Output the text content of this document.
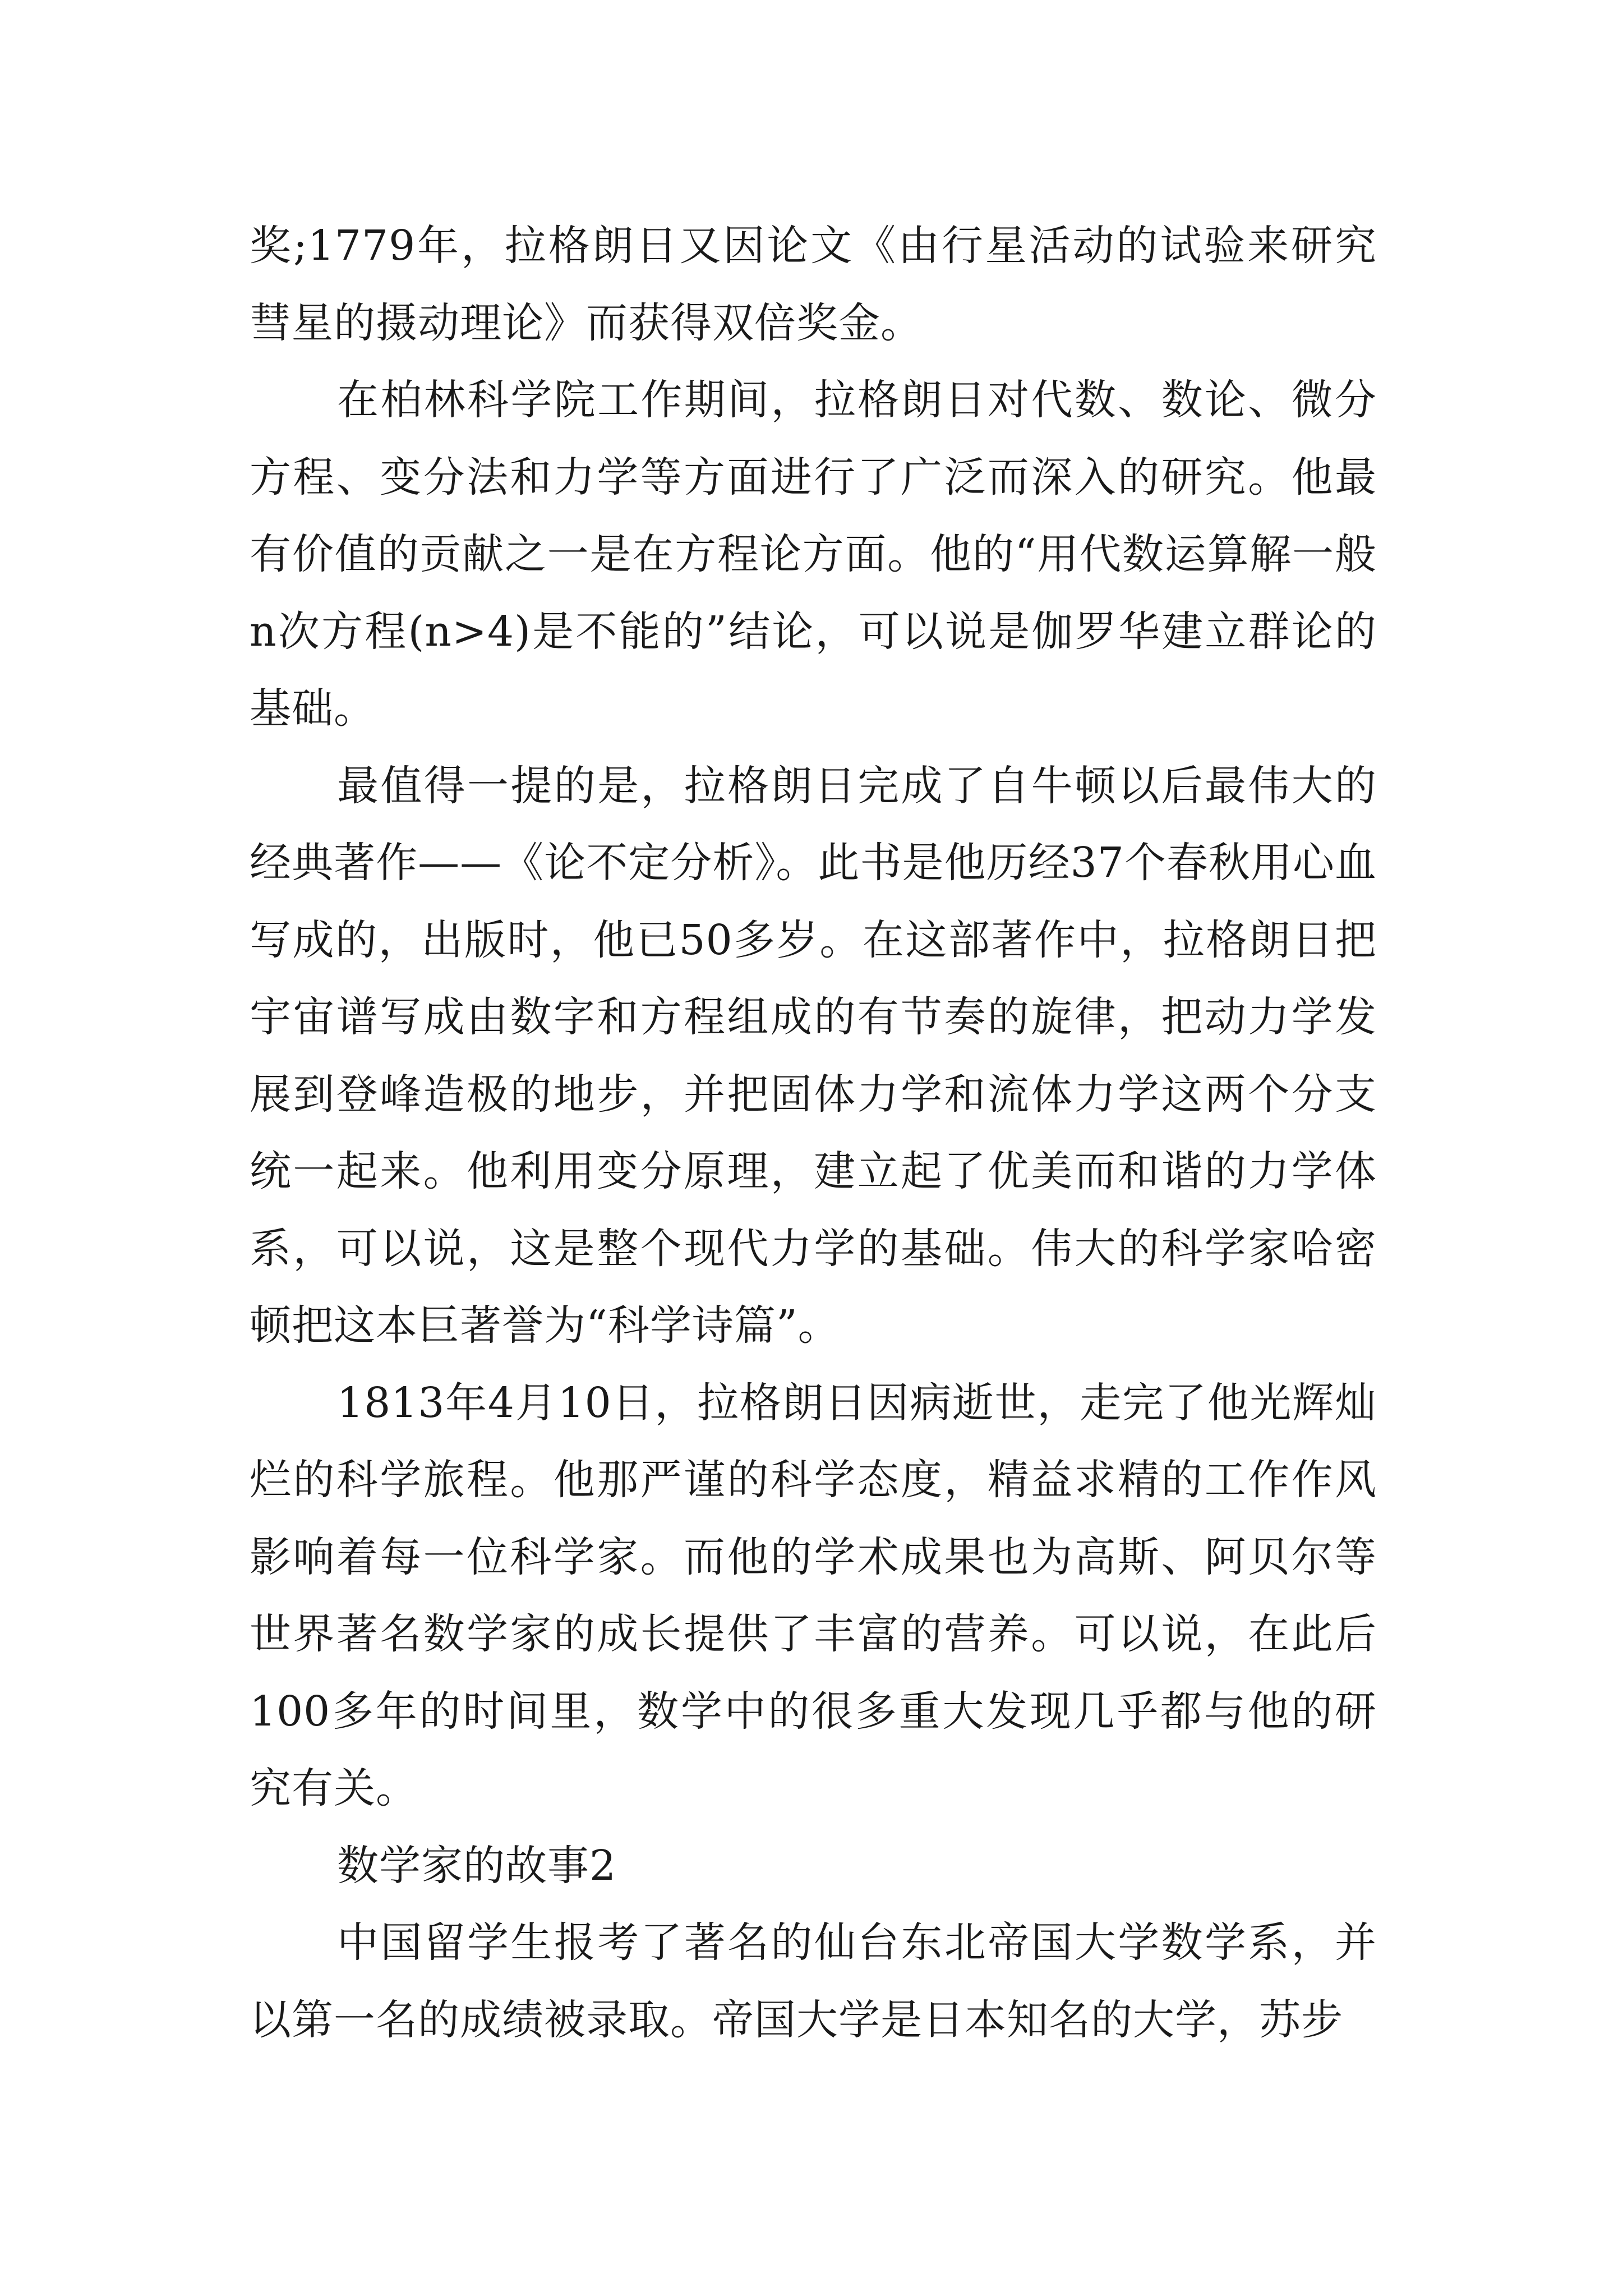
奖;1779年，拉格朗日又因论文《由行星活动的试验来研究彗星的摄动理论》而获得双倍奖金。

在柏林科学院工作期间，拉格朗日对代数、数论、微分方程、变分法和力学等方面进行了广泛而深入的研究。他最有价值的贡献之一是在方程论方面。他的“用代数运算解一般n次方程(n>4)是不能的”结论，可以说是伽罗华建立群论的基础。

最值得一提的是，拉格朗日完成了自牛顿以后最伟大的经典著作——《论不定分析》。此书是他历经37个春秋用心血写成的，出版时，他已50多岁。在这部著作中，拉格朗日把宇宙谱写成由数字和方程组成的有节奏的旋律，把动力学发展到登峰造极的地步，并把固体力学和流体力学这两个分支统一起来。他利用变分原理，建立起了优美而和谐的力学体系，可以说，这是整个现代力学的基础。伟大的科学家哈密顿把这本巨著誉为“科学诗篇”。

1813年4月10日，拉格朗日因病逝世，走完了他光辉灿烂的科学旅程。他那严谨的科学态度，精益求精的工作作风影响着每一位科学家。而他的学术成果也为高斯、阿贝尔等世界著名数学家的成长提供了丰富的营养。可以说，在此后100多年的时间里，数学中的很多重大发现几乎都与他的研究有关。

数学家的故事2

中国留学生报考了著名的仙台东北帝国大学数学系，并以第一名的成绩被录取。帝国大学是日本知名的大学，苏步
